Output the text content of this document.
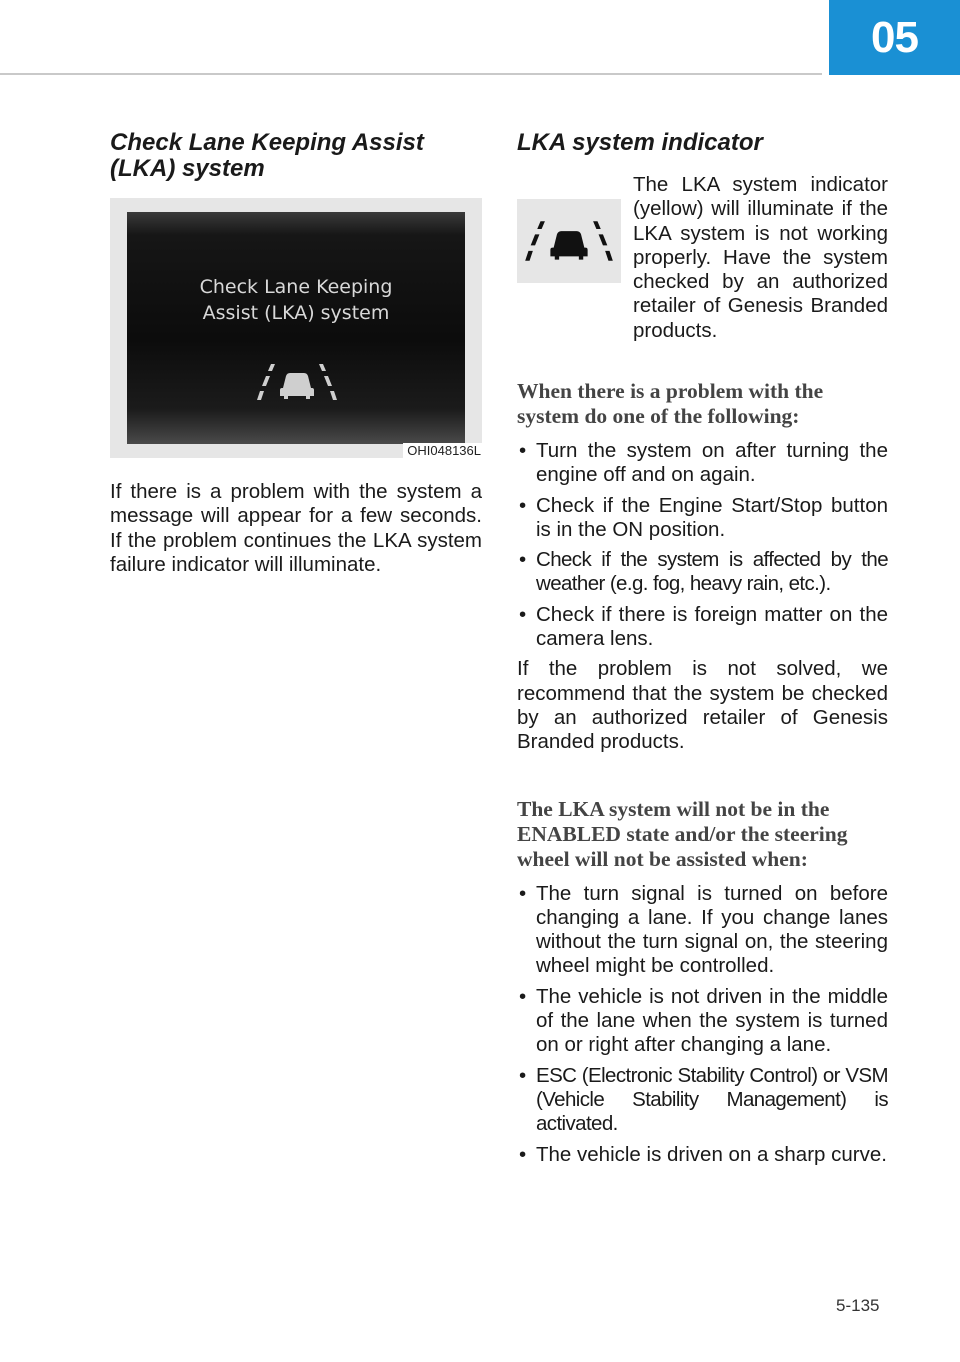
05
Check Lane Keeping Assist (LKA) system
Check Lane Keeping
Assist (LKA) system
OHI048136L

If there is a problem with the system a message will appear for a few seconds. If the problem continues the LKA system failure indicator will illuminate.

LKA system indicator
The LKA system indicator (yellow) will illuminate if the LKA system is not working properly. Have the system checked by an authorized retailer of Genesis Branded products.
When there is a problem with the system do one of the following:
• Turn the system on after turning the engine off and on again.
• Check if the Engine Start/Stop button is in the ON position.
• Check if the system is affected by the weather (e.g. fog, heavy rain, etc.).
• Check if there is foreign matter on the camera lens.

If the problem is not solved, we recommend that the system be checked by an authorized retailer of Genesis Branded products.

The LKA system will not be in the ENABLED state and/or the steering wheel will not be assisted when:
• The turn signal is turned on before changing a lane. If you change lanes without the turn signal on, the steering wheel might be controlled.
• The vehicle is not driven in the middle of the lane when the system is turned on or right after changing a lane.
• ESC (Electronic Stability Control) or VSM (Vehicle Stability Management) is activated.
• The vehicle is driven on a sharp curve.
5-135
